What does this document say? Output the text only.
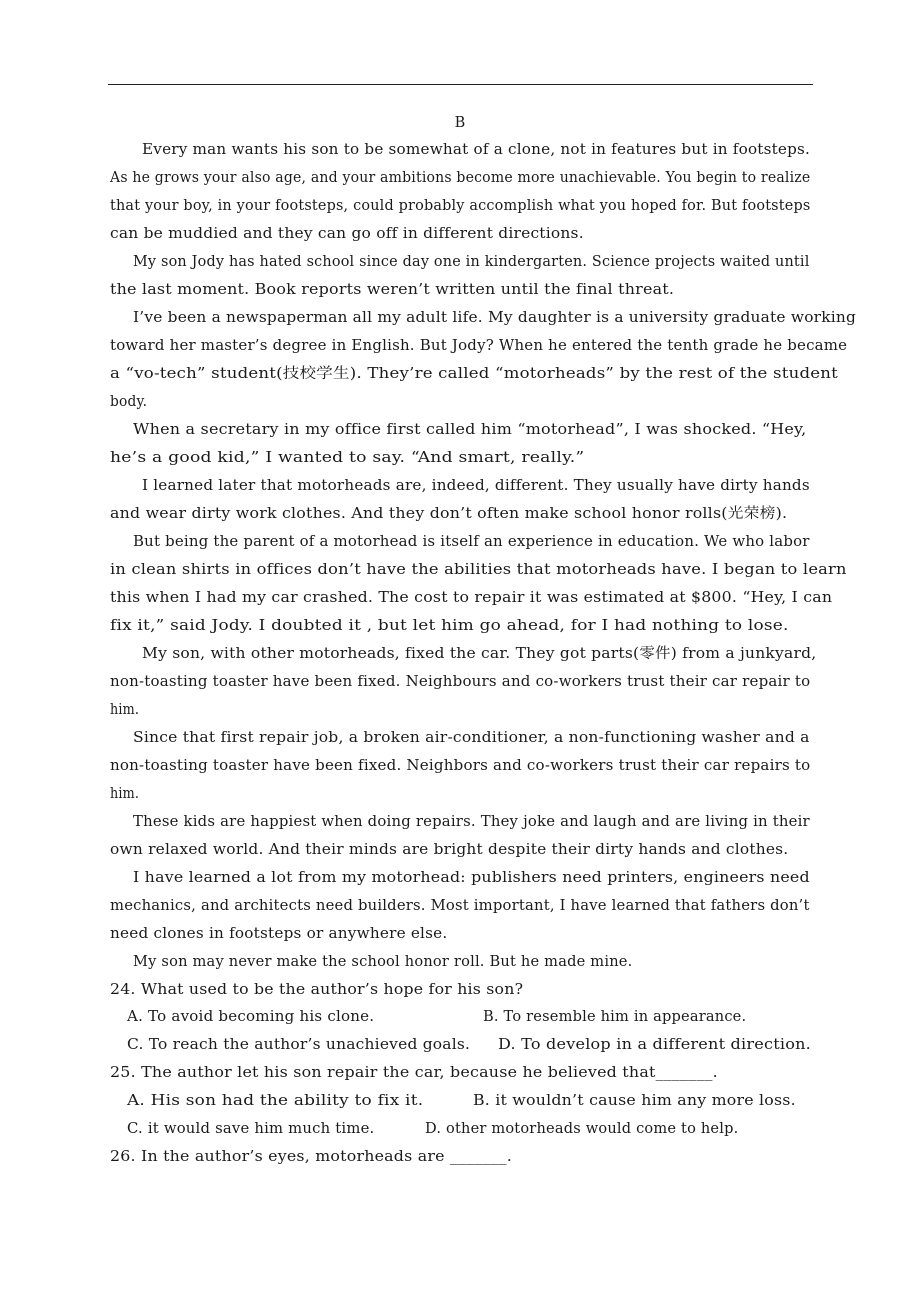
B
Every man wants his son to be somewhat of a clone, not in features but in footsteps.
As he grows your also age, and your ambitions become more unachievable. You begin to realize
that your boy, in your footsteps, could probably accomplish what you hoped for. But footsteps
can be muddied and they can go off in different directions.
My son Jody has hated school since day one in kindergarten. Science projects waited until
the last moment. Book reports weren’t written until the final threat.
I’ve been a newspaperman all my adult life. My daughter is a university graduate working
toward her master’s degree in English. But Jody? When he entered the tenth grade he became
a “vo-tech” student(技校学生). They’re called “motorheads” by the rest of the student
body.
When a secretary in my office first called him “motorhead”, I was shocked. “Hey,
he’s a good kid,” I wanted to say. “And smart, really.”
I learned later that motorheads are, indeed, different. They usually have dirty hands
and wear dirty work clothes. And they don’t often make school honor rolls(光荣榜).
But being the parent of a motorhead is itself an experience in education. We who labor
in clean shirts in offices don’t have the abilities that motorheads have. I began to learn
this when I had my car crashed. The cost to repair it was estimated at $800. “Hey, I can
fix it,” said Jody. I doubted it , but let him go ahead, for I had nothing to lose.
My son, with other motorheads, fixed the car. They got parts(零件) from a junkyard,
non-toasting toaster have been fixed. Neighbours and co-workers trust their car repair to
him.
Since that first repair job, a broken air-conditioner, a non-functioning washer and a
non-toasting toaster have been fixed. Neighbors and co-workers trust their car repairs to
him.
These kids are happiest when doing repairs. They joke and laugh and are living in their
own relaxed world. And their minds are bright despite their dirty hands and clothes.
I have learned a lot from my motorhead: publishers need printers, engineers need
mechanics, and architects need builders. Most important, I have learned that fathers don’t
need clones in footsteps or anywhere else.
My son may never make the school honor roll. But he made mine.
24. What used to be the author’s hope for his son?
A. To avoid becoming his clone.	B. To resemble him in appearance.
C. To reach the author’s unachieved goals. D. To develop in a different direction.
25. The author let his son repair the car, because he believed that_______.
A. His son had the ability to fix it.	B. it wouldn’t cause him any more loss.
C. it would save him much time.	D. other motorheads would come to help.
26. In the author’s eyes, motorheads are _______.
